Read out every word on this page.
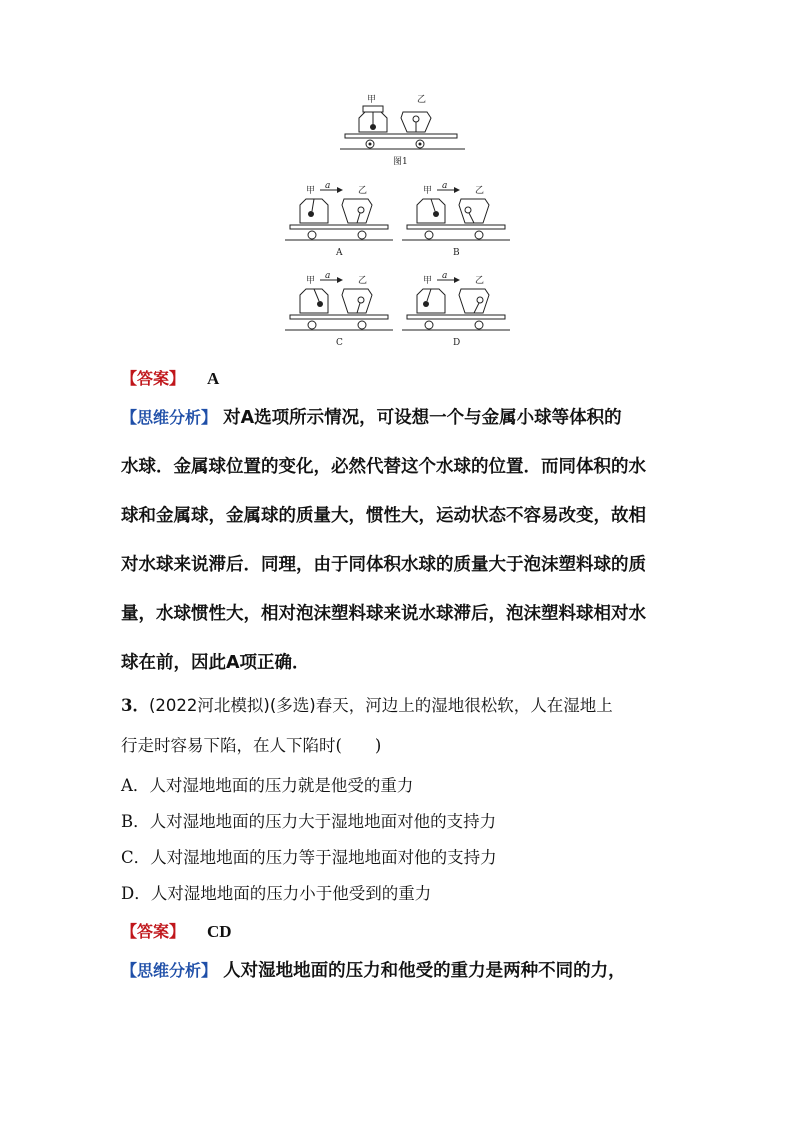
甲	乙
图1
甲 a	乙
A
甲 a	乙
B
甲 a	乙
C
甲 a	乙
D
【答案】 A
【思维分析】 对A选项所示情况，可设想一个与金属小球等体积的
水球．金属球位置的变化，必然代替这个水球的位置．而同体积的水
球和金属球，金属球的质量大，惯性大，运动状态不容易改变，故相
对水球来说滞后．同理，由于同体积水球的质量大于泡沫塑料球的质
量，水球惯性大，相对泡沫塑料球来说水球滞后，泡沫塑料球相对水
球在前，因此A项正确．
3．(2022河北模拟)(多选)春天，河边上的湿地很松软，人在湿地上
行走时容易下陷，在人下陷时(　　)
A．人对湿地地面的压力就是他受的重力
B．人对湿地地面的压力大于湿地地面对他的支持力
C．人对湿地地面的压力等于湿地地面对他的支持力
D．人对湿地地面的压力小于他受到的重力
【答案】 CD
【思维分析】 人对湿地地面的压力和他受的重力是两种不同的力，
